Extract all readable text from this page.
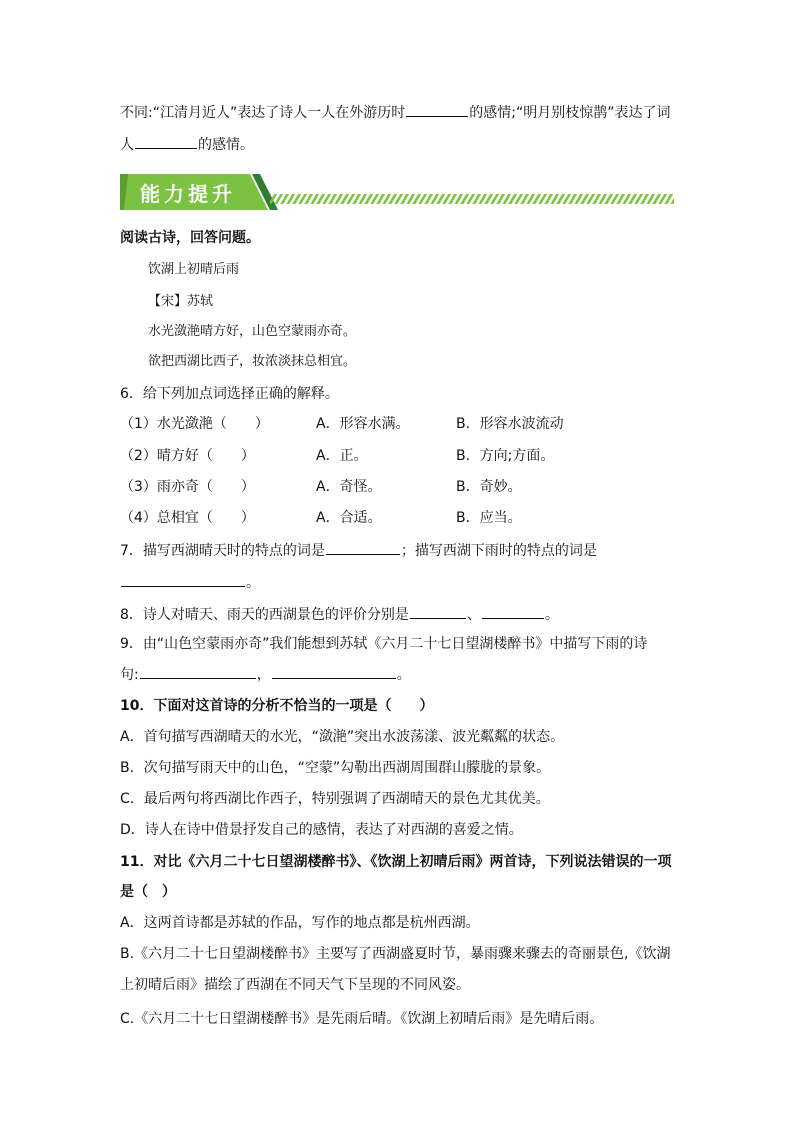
不同:“江清月近人”表达了诗人一人在外游历时	的感情;“明月别枝惊鹊”表达了词
人	的感情。
能力提升
阅读古诗，回答问题。
饮湖上初晴后雨
【宋】苏轼
水光潋滟晴方好，山色空蒙雨亦奇。
欲把西湖比西子，妆浓淡抹总相宜。
6．给下列加点词选择正确的解释。
（1）水光潋滟（　　）	A．形容水满。	B．形容水波流动
（2）晴方好（　　）	A．正。	B．方向;方面。
（3）雨亦奇（　　）	A．奇怪。	B．奇妙。
（4）总相宜（　　）	A．合适。	B．应当。
7．描写西湖晴天时的特点的词是	；描写西湖下雨时的特点的词是
。
8．诗人对晴天、雨天的西湖景色的评价分别是	、	。
9．由“山色空蒙雨亦奇”我们能想到苏轼《六月二十七日望湖楼醉书》中描写下雨的诗
句:	，	。
10．下面对这首诗的分析不恰当的一项是（　　）
A．首句描写西湖晴天的水光，“潋滟”突出水波荡漾、波光粼粼的状态。
B．次句描写雨天中的山色，“空蒙”勾勒出西湖周围群山朦胧的景象。
C．最后两句将西湖比作西子，特别强调了西湖晴天的景色尤其优美。
D．诗人在诗中借景抒发自己的感情，表达了对西湖的喜爱之情。
11．对比《六月二十七日望湖楼醉书》、《饮湖上初晴后雨》两首诗，下列说法错误的一项
是（　）
A．这两首诗都是苏轼的作品，写作的地点都是杭州西湖。
B.《六月二十七日望湖楼醉书》主要写了西湖盛夏时节，暴雨骤来骤去的奇丽景色,《饮湖
上初晴后雨》描绘了西湖在不同天气下呈现的不同风姿。
C.《六月二十七日望湖楼醉书》是先雨后晴。《饮湖上初晴后雨》是先晴后雨。
